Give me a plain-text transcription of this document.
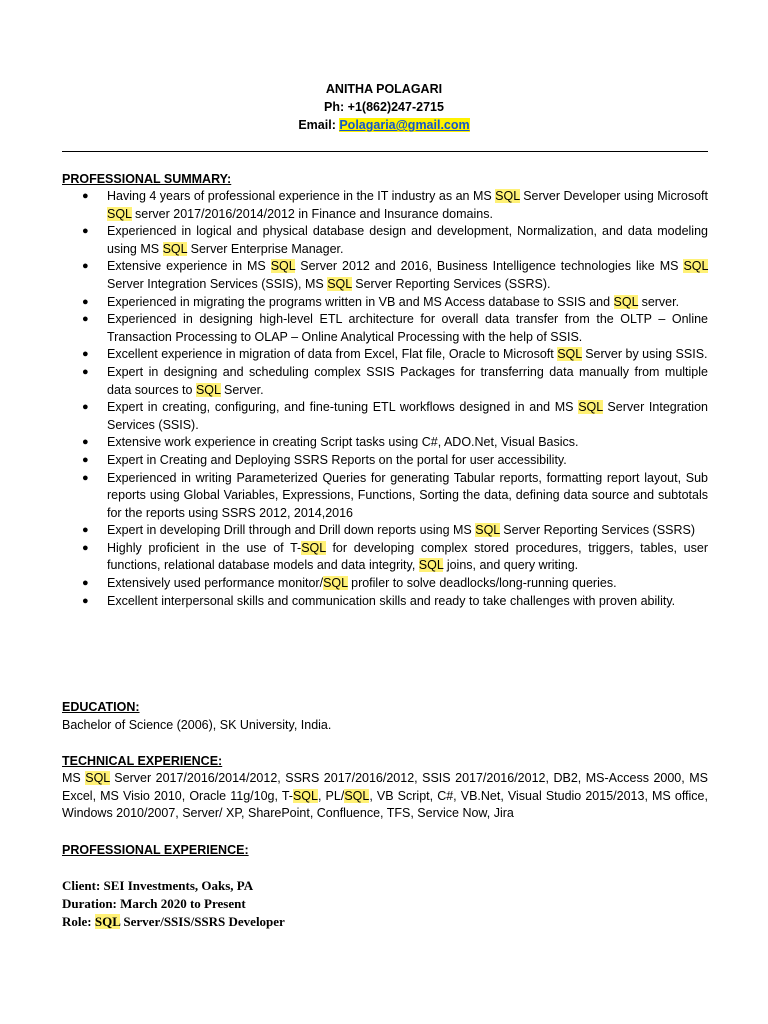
ANITHA POLAGARI
Ph: +1(862)247-2715
Email: Polagaria@gmail.com
PROFESSIONAL SUMMARY:
● Having 4 years of professional experience in the IT industry as an MS SQL Server Developer using Microsoft SQL server 2017/2016/2014/2012 in Finance and Insurance domains.
● Experienced in logical and physical database design and development, Normalization, and data modeling using MS SQL Server Enterprise Manager.
● Extensive experience in MS SQL Server 2012 and 2016, Business Intelligence technologies like MS SQL Server Integration Services (SSIS), MS SQL Server Reporting Services (SSRS).
● Experienced in migrating the programs written in VB and MS Access database to SSIS and SQL server.
● Experienced in designing high-level ETL architecture for overall data transfer from the OLTP – Online Transaction Processing to OLAP – Online Analytical Processing with the help of SSIS.
● Excellent experience in migration of data from Excel, Flat file, Oracle to Microsoft SQL Server by using SSIS.
● Expert in designing and scheduling complex SSIS Packages for transferring data manually from multiple data sources to SQL Server.
● Expert in creating, configuring, and fine-tuning ETL workflows designed in and MS SQL Server Integration Services (SSIS).
● Extensive work experience in creating Script tasks using C#, ADO.Net, Visual Basics.
● Expert in Creating and Deploying SSRS Reports on the portal for user accessibility.
● Experienced in writing Parameterized Queries for generating Tabular reports, formatting report layout, Sub reports using Global Variables, Expressions, Functions, Sorting the data, defining data source and subtotals for the reports using SSRS 2012, 2014,2016
● Expert in developing Drill through and Drill down reports using MS SQL Server Reporting Services (SSRS)
● Highly proficient in the use of T-SQL for developing complex stored procedures, triggers, tables, user functions, relational database models and data integrity, SQL joins, and query writing.
● Extensively used performance monitor/SQL profiler to solve deadlocks/long-running queries.
● Excellent interpersonal skills and communication skills and ready to take challenges with proven ability.
EDUCATION:
Bachelor of Science (2006), SK University, India.
TECHNICAL EXPERIENCE:
MS SQL Server 2017/2016/2014/2012, SSRS 2017/2016/2012, SSIS 2017/2016/2012, DB2, MS-Access 2000, MS Excel, MS Visio 2010, Oracle 11g/10g, T-SQL, PL/SQL, VB Script, C#, VB.Net, Visual Studio 2015/2013, MS office, Windows 2010/2007, Server/ XP, SharePoint, Confluence, TFS, Service Now, Jira
PROFESSIONAL EXPERIENCE:
Client: SEI Investments, Oaks, PA
Duration: March 2020 to Present
Role: SQL Server/SSIS/SSRS Developer
